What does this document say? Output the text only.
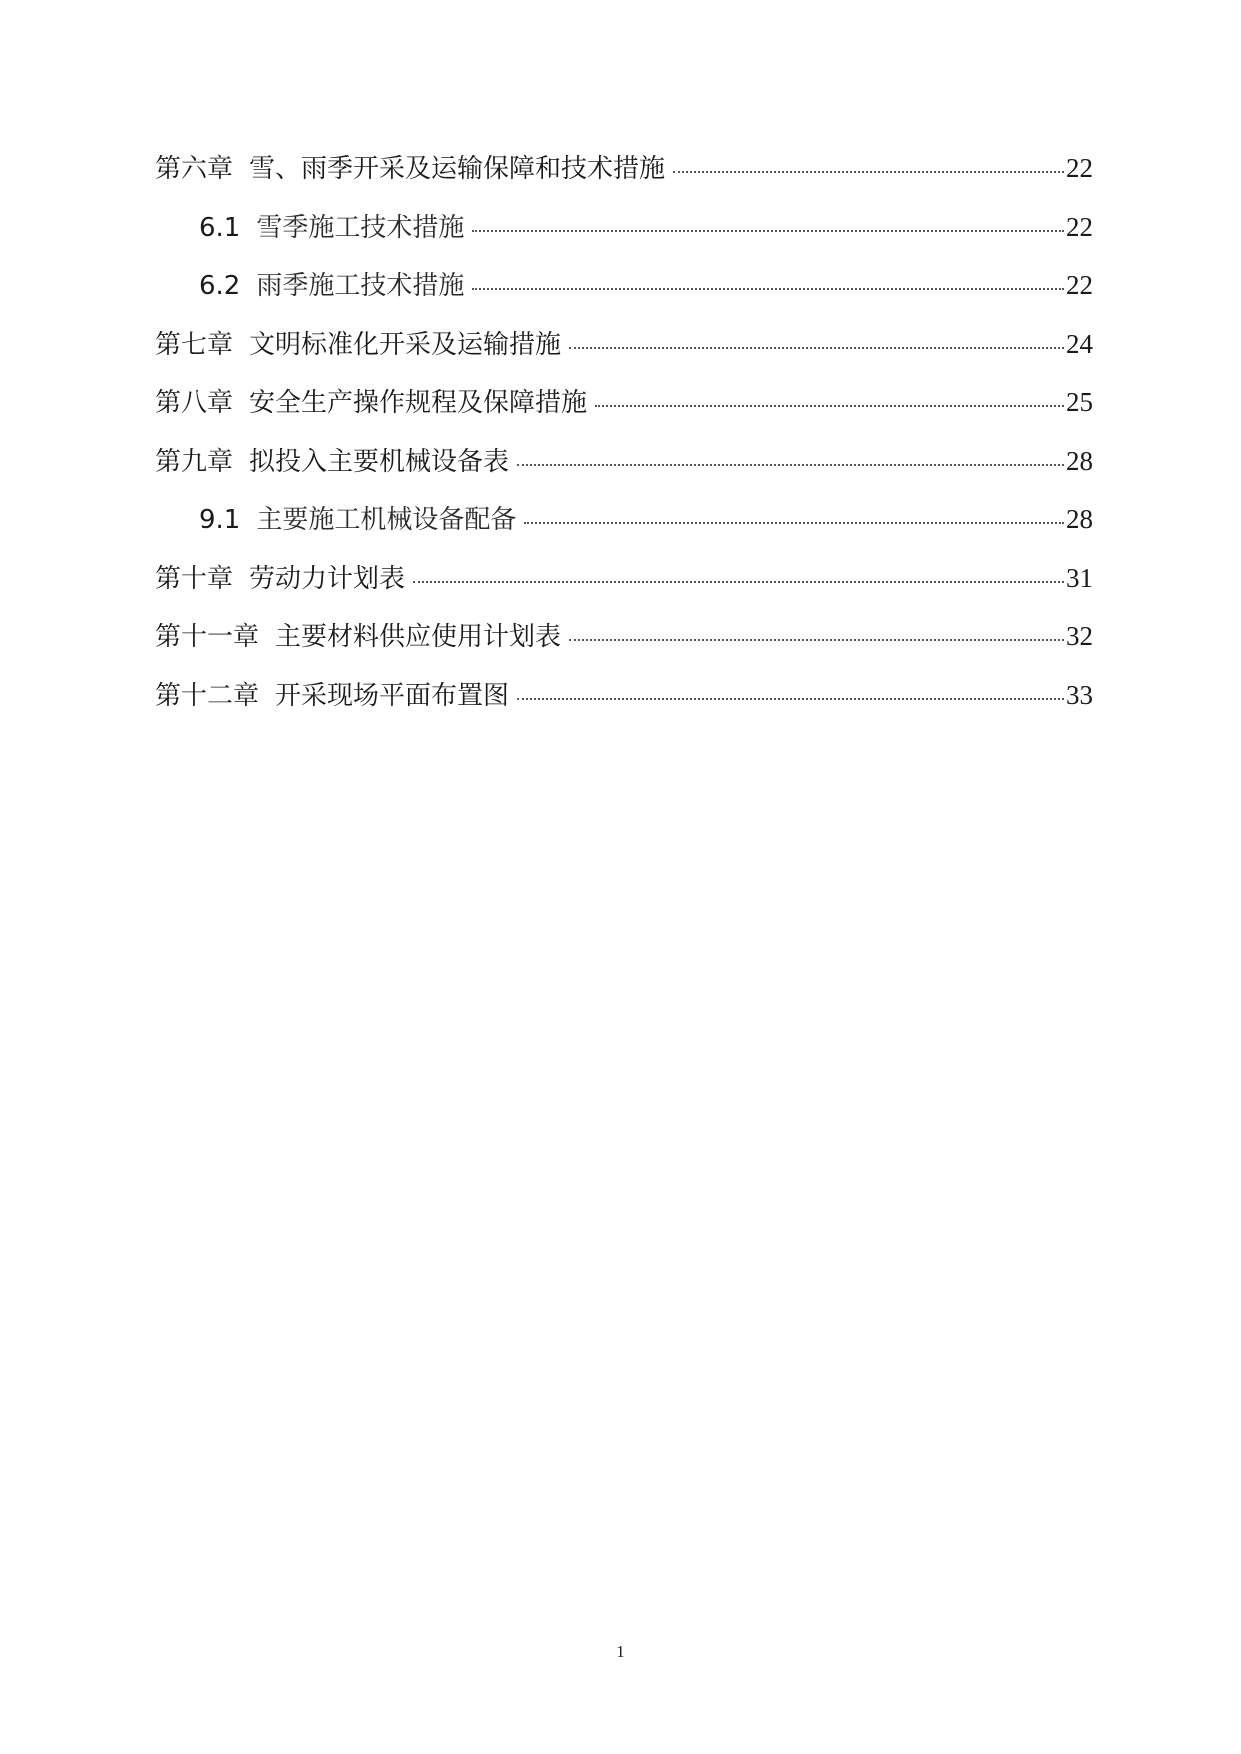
第六章 雪、雨季开采及运输保障和技术措施	22
6.1 雪季施工技术措施	22
6.2 雨季施工技术措施	22
第七章 文明标准化开采及运输措施	24
第八章 安全生产操作规程及保障措施	25
第九章 拟投入主要机械设备表	28
9.1 主要施工机械设备配备	28
第十章 劳动力计划表	31
第十一章 主要材料供应使用计划表	32
第十二章 开采现场平面布置图	33
1
